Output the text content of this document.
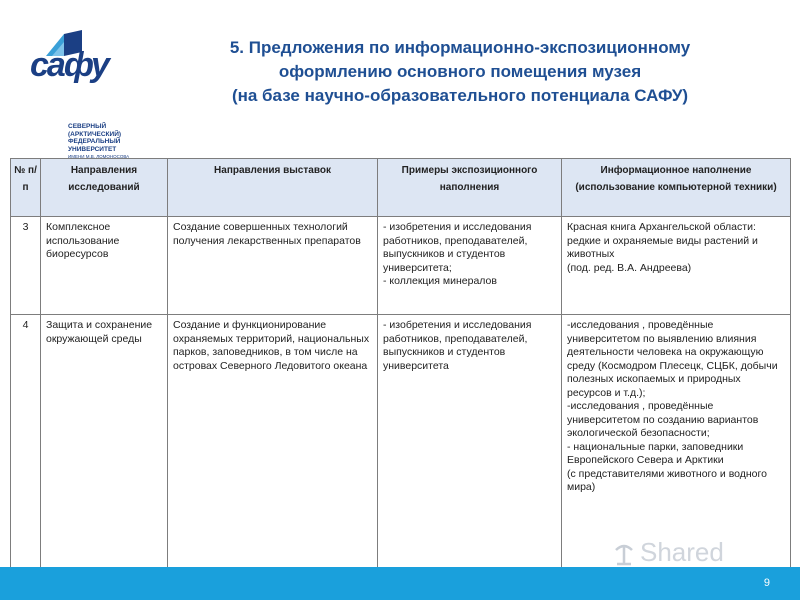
сафу
СЕВЕРНЫЙ (АРКТИЧЕСКИЙ) ФЕДЕРАЛЬНЫЙ УНИВЕРСИТЕТ
ИМЕНИ М.В. ЛОМОНОСОВА
5. Предложения по информационно-экспозиционному
оформлению основного помещения музея
(на базе научно-образовательного потенциала САФУ)
№ п/п	Направления исследований	Направления выставок	Примеры экспозиционного наполнения	Информационное наполнение (использование компьютерной техники)
3	Комплексное использование биоресурсов	Создание совершенных технологий получения лекарственных препаратов	- изобретения и исследования работников, преподавателей, выпускников и студентов университета;
- коллекция минералов	Красная книга Архангельской области: редкие и охраняемые виды растений и животных
(под. ред. В.А. Андреева)
4	Защита и сохранение окружающей среды	Создание и функционирование охраняемых территорий, национальных парков, заповедников, в том числе на островах Северного Ледовитого океана	- изобретения и исследования работников, преподавателей, выпускников и студентов университета	-исследования , проведённые университетом по выявлению влияния деятельности человека на окружающую среду (Космодром Плесецк, СЦБК, добычи полезных ископаемых и природных ресурсов и т.д.);
-исследования , проведённые университетом по созданию вариантов экологической безопасности;
- национальные парки, заповедники Европейского Севера и Арктики
(с представителями животного и водного мира)
Shared
9
